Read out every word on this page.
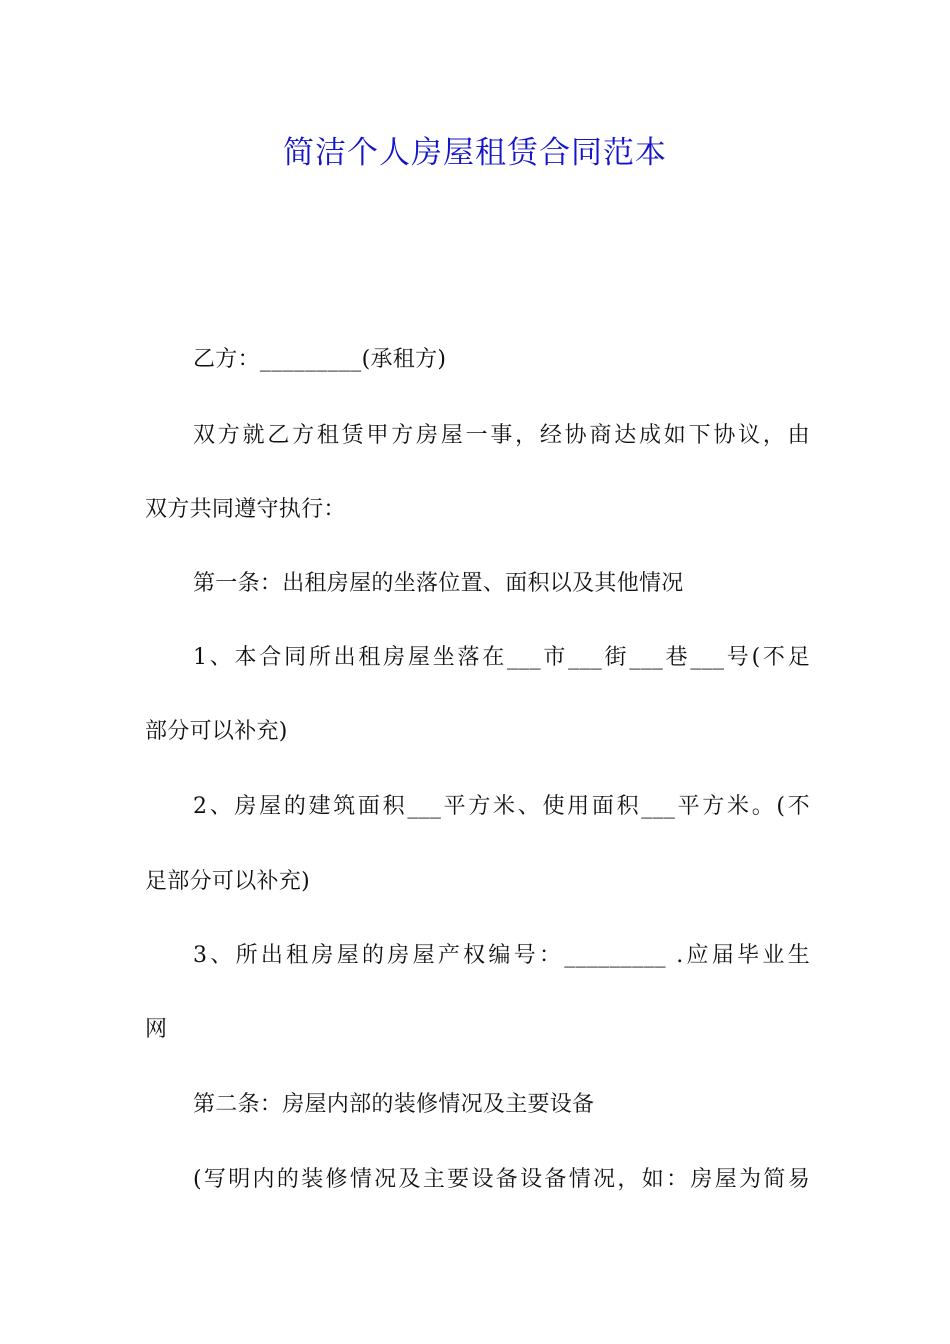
简洁个人房屋租赁合同范本
乙方：_________(承租方)
双方就乙方租赁甲方房屋一事，经协商达成如下协议，由
双方共同遵守执行：
第一条：出租房屋的坐落位置、面积以及其他情况
1、本合同所出租房屋坐落在___市___街___巷___号(不足
部分可以补充)
2、房屋的建筑面积___平方米、使用面积___平方米。(不
足部分可以补充)
3、所出租房屋的房屋产权编号：_________ .应届毕业生
网
第二条：房屋内部的装修情况及主要设备
(写明内的装修情况及主要设备设备情况，如：房屋为简易
